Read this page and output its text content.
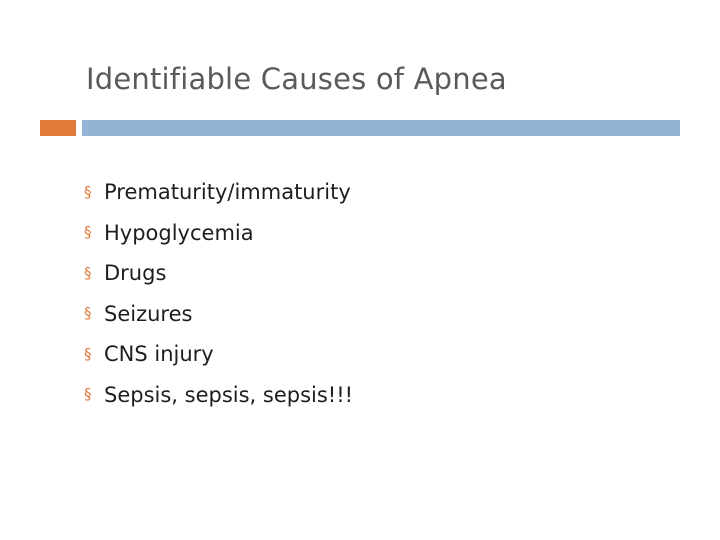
Identifiable Causes of Apnea
§ Prematurity/immaturity
§ Hypoglycemia
§ Drugs
§ Seizures
§ CNS injury
§ Sepsis, sepsis, sepsis!!!
